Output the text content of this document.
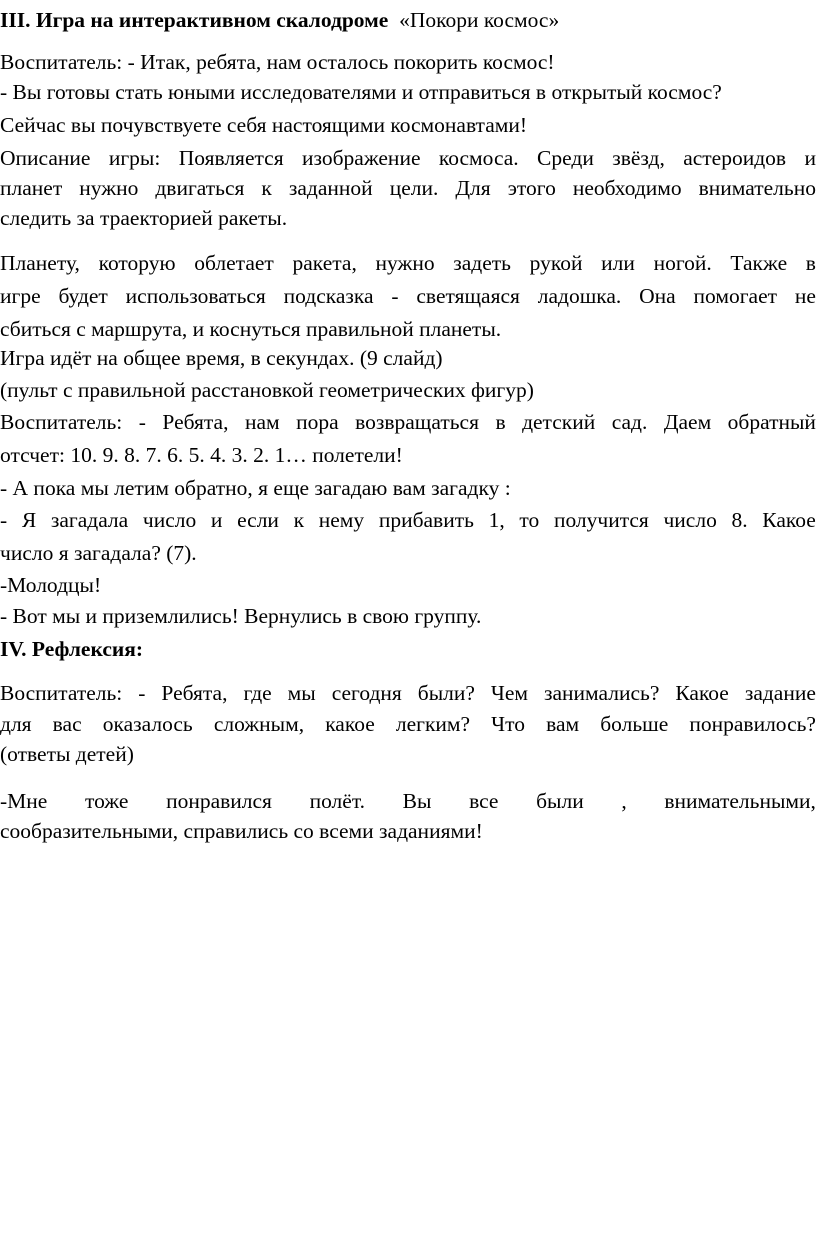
III. Игра на интерактивном скалодроме «Покори космос»
Воспитатель: - Итак, ребята, нам осталось покорить космос!
- Вы готовы стать юными исследователями и отправиться в открытый космос?
Сейчас вы почувствуете себя настоящими космонавтами!
Описание игры: Появляется изображение космоса. Среди звёзд, астероидов и
планет нужно двигаться к заданной цели. Для этого необходимо внимательно
следить за траекторией ракеты.
Планету, которую облетает ракета, нужно задеть рукой или ногой. Также в
игре будет использоваться подсказка - светящаяся ладошка. Она помогает не
сбиться с маршрута, и коснуться правильной планеты.
Игра идёт на общее время, в секундах. (9 слайд)
(пульт с правильной расстановкой геометрических фигур)
Воспитатель: - Ребята, нам пора возвращаться в детский сад. Даем обратный
отсчет: 10. 9. 8. 7. 6. 5. 4. 3. 2. 1… полетели!
- А пока мы летим обратно, я еще загадаю вам загадку :
- Я загадала число и если к нему прибавить 1, то получится число 8. Какое
число я загадала? (7).
-Молодцы!
- Вот мы и приземлились! Вернулись в свою группу.
IV. Рефлексия:
Воспитатель: - Ребята, где мы сегодня были? Чем занимались? Какое задание
для вас оказалось сложным, какое легким? Что вам больше понравилось?
(ответы детей)
-Мне тоже понравился полёт. Вы все были , внимательными,
сообразительными, справились со всеми заданиями!
